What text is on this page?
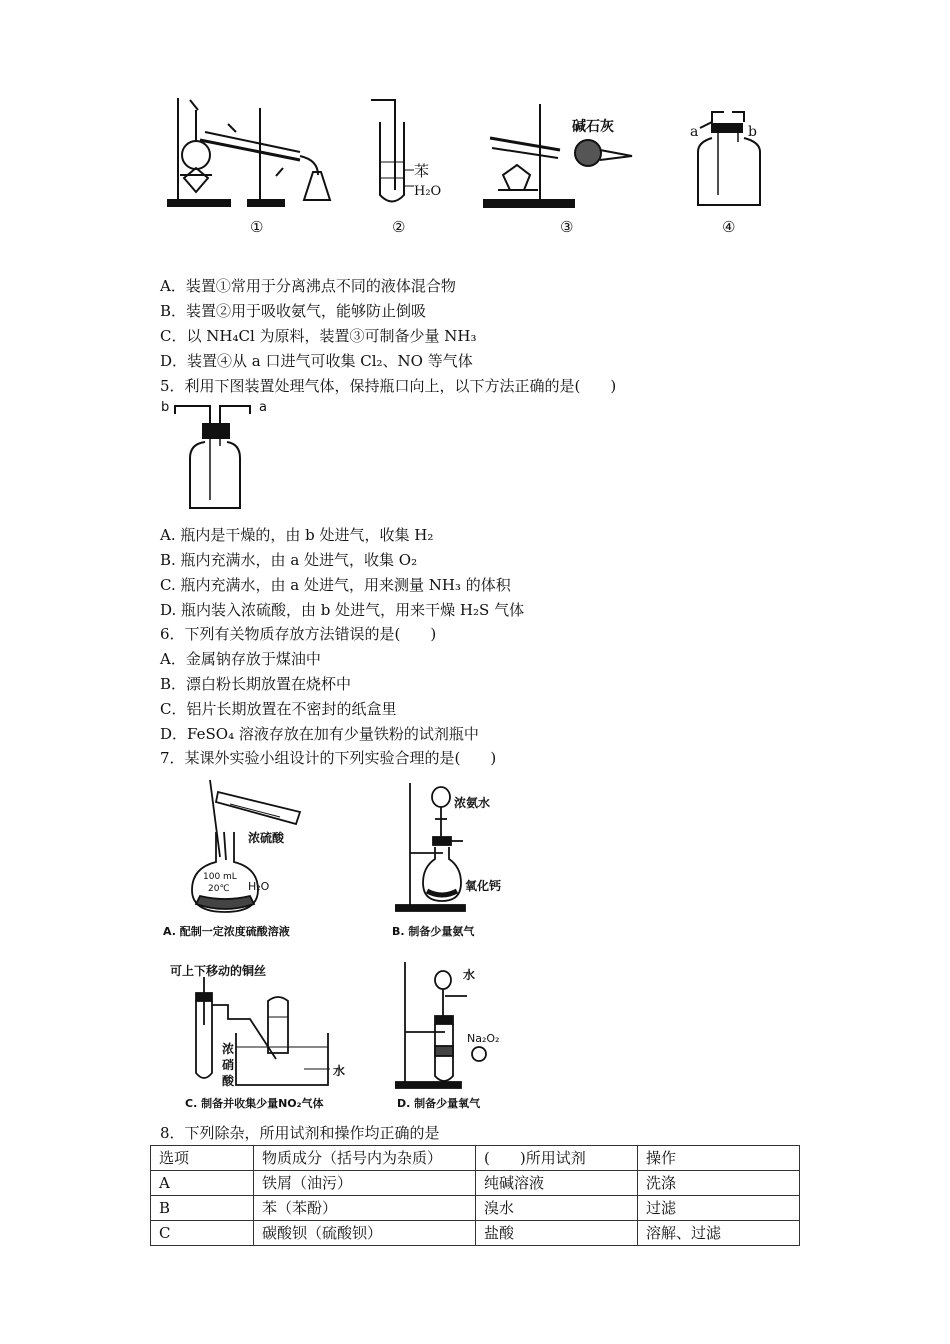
①
苯
H₂O
②
碱石灰
③
a	b
④
A．装置①常用于分离沸点不同的液体混合物
B．装置②用于吸收氨气，能够防止倒吸
C．以 NH₄Cl 为原料，装置③可制备少量 NH₃
D．装置④从 a 口进气可收集 Cl₂、NO 等气体
5．利用下图装置处理气体，保持瓶口向上，以下方法正确的是(　　)
b	a
A. 瓶内是干燥的，由 b 处进气，收集 H₂
B. 瓶内充满水，由 a 处进气，收集 O₂
C. 瓶内充满水，由 a 处进气，用来测量 NH₃ 的体积
D. 瓶内装入浓硫酸，由 b 处进气，用来干燥 H₂S 气体
6．下列有关物质存放方法错误的是(　　)
A．金属钠存放于煤油中
B．漂白粉长期放置在烧杯中
C．铝片长期放置在不密封的纸盒里
D．FeSO₄ 溶液存放在加有少量铁粉的试剂瓶中
7．某课外实验小组设计的下列实验合理的是(　　)
浓硫酸
100 mL
20℃ H₂O
A. 配制一定浓度硫酸溶液
浓氨水
氧化钙
B. 制备少量氨气
可上下移动的铜丝
浓
硝
酸
水
C. 制备并收集少量NO₂气体
水
Na₂O₂
D. 制备少量氧气
8．下列除杂，所用试剂和操作均正确的是
选项	物质成分（括号内为杂质）	(　　)所用试剂	操作
A	铁屑（油污）	纯碱溶液	洗涤
B	苯（苯酚）	溴水	过滤
C	碳酸钡（硫酸钡）	盐酸	溶解、过滤
